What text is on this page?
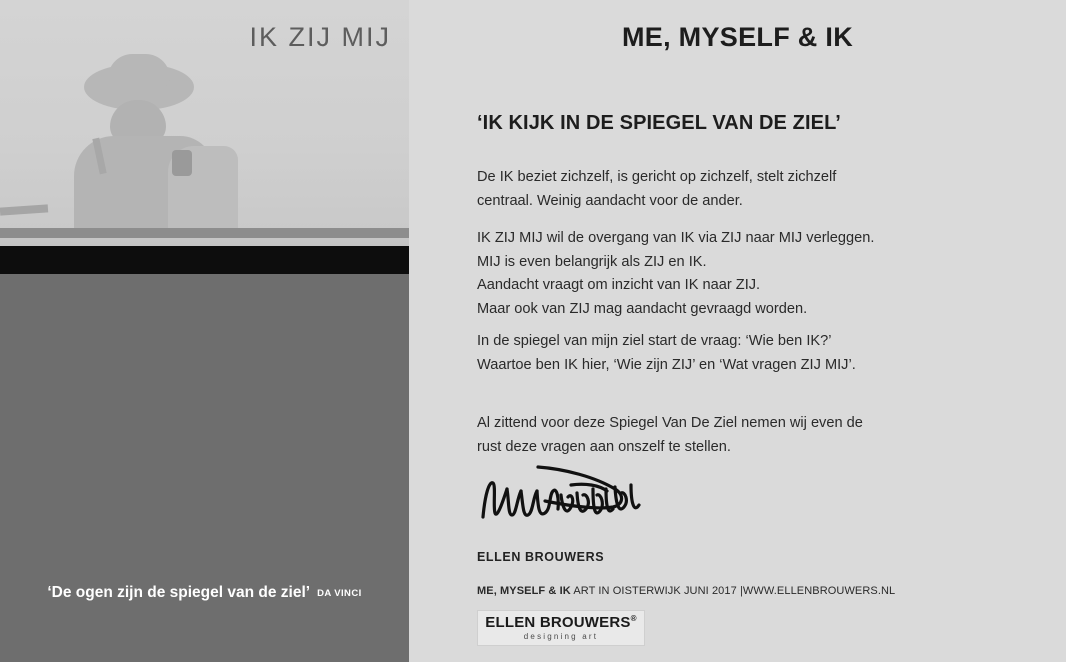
IK ZIJ MIJ
‘De ogen zijn de spiegel van de ziel’ DA VINCI
ME, MYSELF & IK
‘IK KIJK IN DE SPIEGEL VAN DE ZIEL’
De IK beziet zichzelf, is gericht op zichzelf, stelt zichzelf
centraal. Weinig aandacht voor de ander.
IK ZIJ MIJ wil de overgang van IK via ZIJ naar MIJ verleggen.
MIJ is even belangrijk als ZIJ en IK.
Aandacht vraagt om inzicht van IK naar ZIJ.
Maar ook van ZIJ mag aandacht gevraagd worden.
In de spiegel van mijn ziel start de vraag: ‘Wie ben IK?’
Waartoe ben IK hier, ‘Wie zijn ZIJ’ en ‘Wat vragen ZIJ MIJ’.
Al zittend voor deze Spiegel Van De Ziel nemen wij even de
rust deze vragen aan onszelf te stellen.
ELLEN BROUWERS
ME, MYSELF & IK ART IN OISTERWIJK JUNI 2017 |WWW.ELLENBROUWERS.NL
ELLEN BROUWERS®
designing art
